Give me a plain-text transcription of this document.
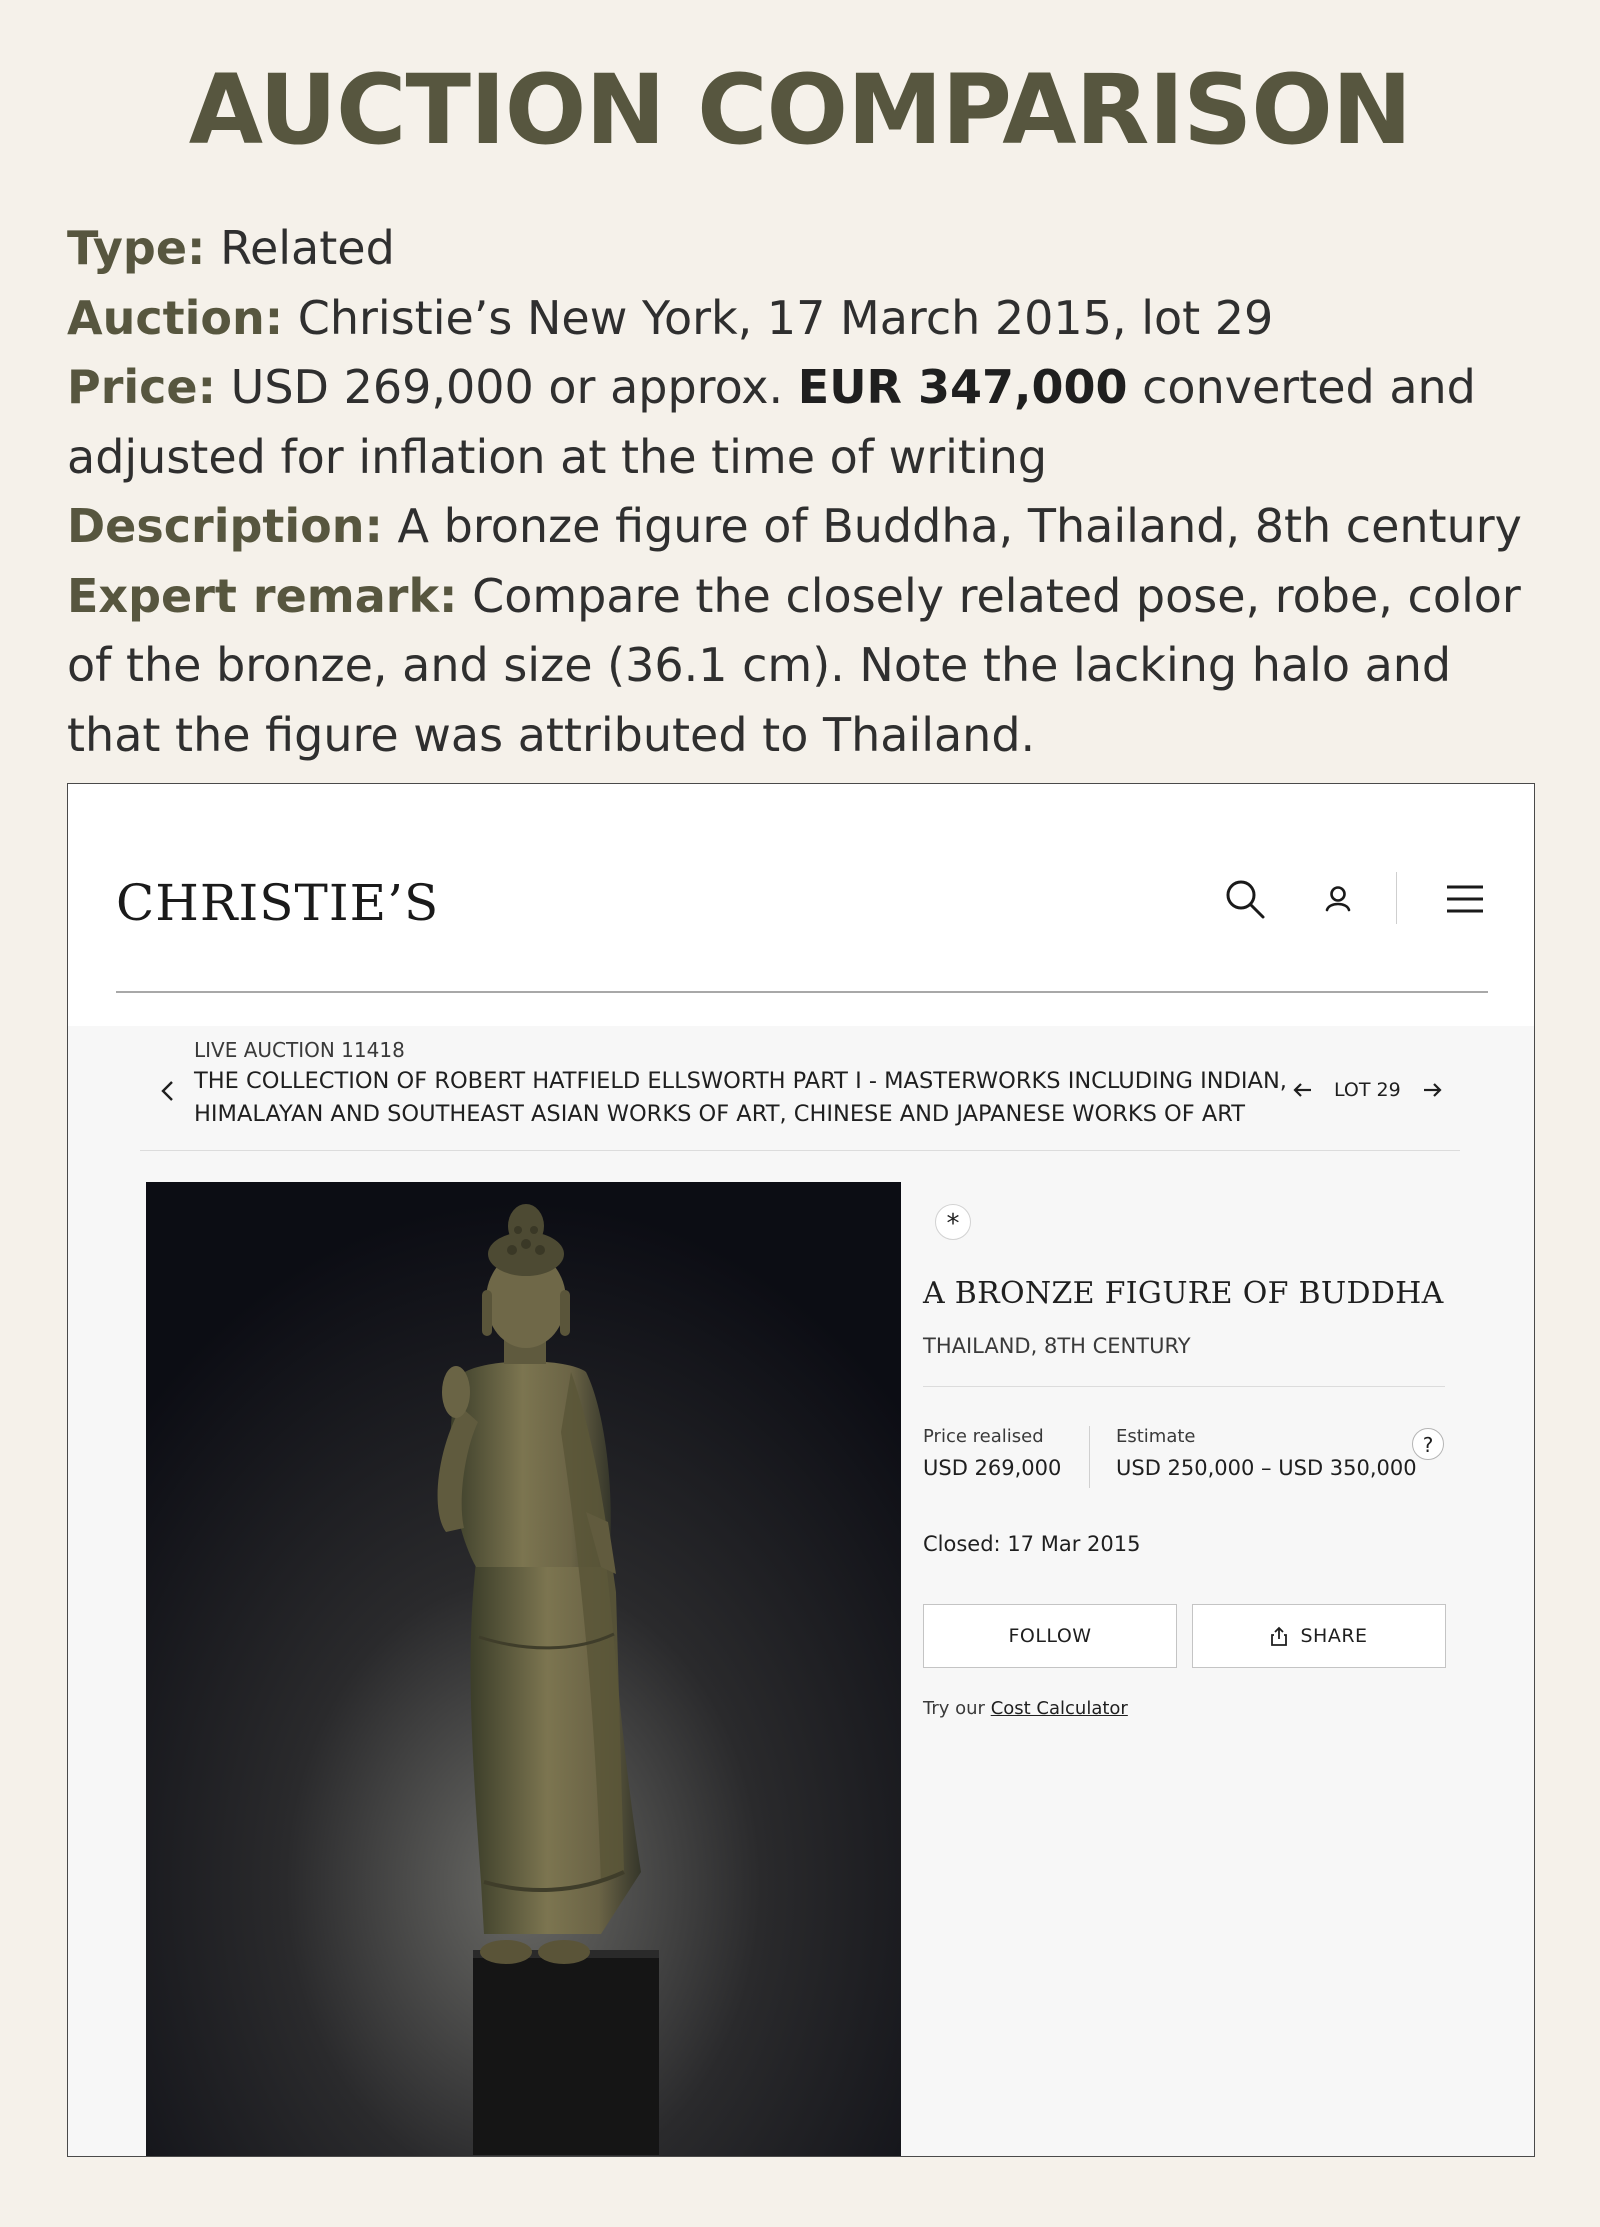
AUCTION COMPARISON
Type: Related
Auction: Christie’s New York, 17 March 2015, lot 29
Price: USD 269,000 or approx. EUR 347,000 converted and adjusted for inflation at the time of writing
Description: A bronze figure of Buddha, Thailand, 8th century
Expert remark: Compare the closely related pose, robe, color of the bronze, and size (36.1 cm). Note the lacking halo and that the figure was attributed to Thailand.
CHRISTIE’S
LIVE AUCTION 11418
THE COLLECTION OF ROBERT HATFIELD ELLSWORTH PART I - MASTERWORKS INCLUDING INDIAN,
HIMALAYAN AND SOUTHEAST ASIAN WORKS OF ART, CHINESE AND JAPANESE WORKS OF ART
LOT 29
*
A BRONZE FIGURE OF BUDDHA
THAILAND, 8TH CENTURY
Price realised
USD 269,000
Estimate
USD 250,000 – USD 350,000
?
Closed: 17 Mar 2015
FOLLOW	SHARE
Try our Cost Calculator
